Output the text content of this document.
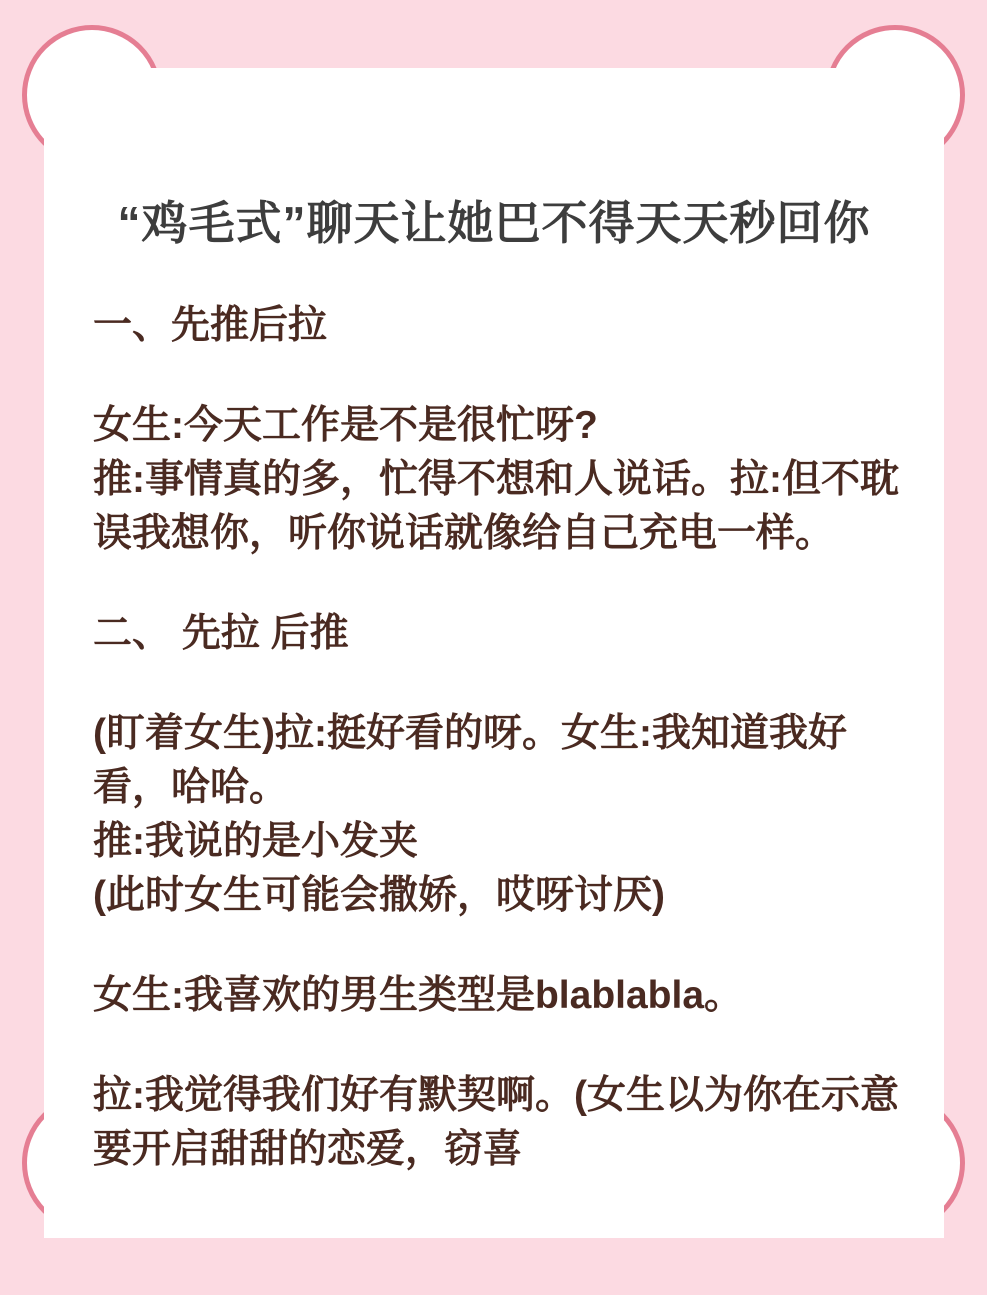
“鸡毛式”聊天让她巴不得天天秒回你
一、先推后拉
女生:今天工作是不是很忙呀?
推:事情真的多，忙得不想和人说话。拉:但不耽
误我想你，听你说话就像给自己充电一样。
二、 先拉 后推
(盯着女生)拉:挺好看的呀。女生:我知道我好
看，哈哈。
推:我说的是小发夹
(此时女生可能会撒娇，哎呀讨厌)
女生:我喜欢的男生类型是blablabla。
拉:我觉得我们好有默契啊。(女生以为你在示意
要开启甜甜的恋爱，窃喜
